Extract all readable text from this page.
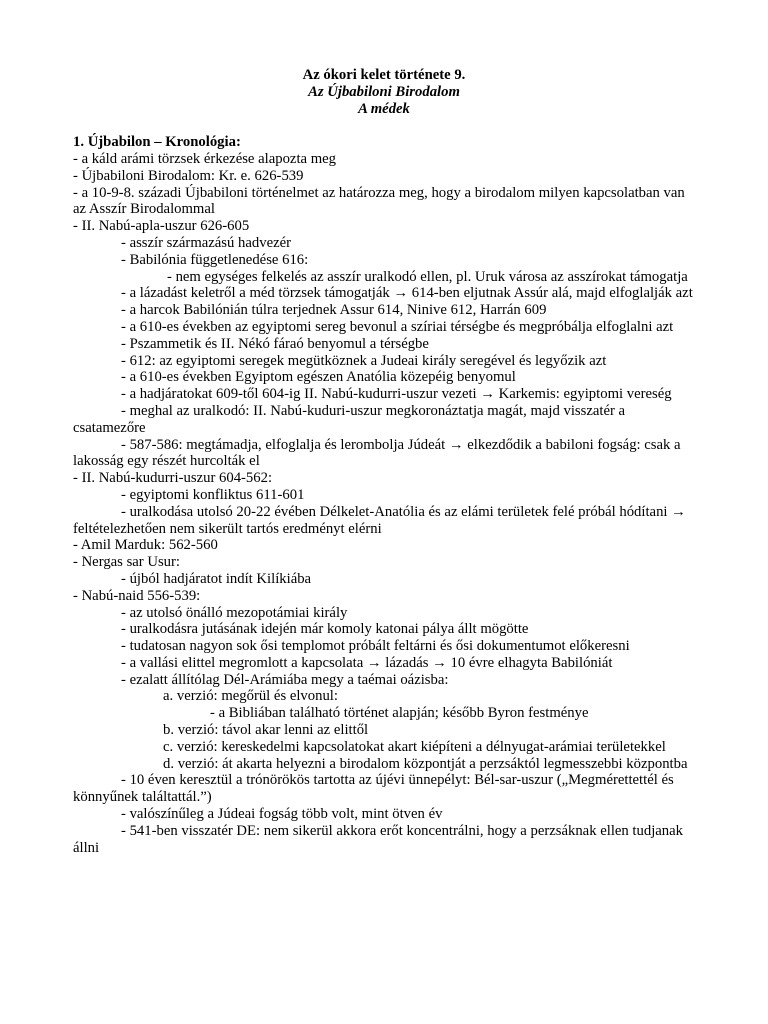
Az ókori kelet története 9.
Az Újbabiloni Birodalom
A médek
1. Újbabilon – Kronológia:
- a káld arámi törzsek érkezése alapozta meg
- Újbabiloni Birodalom: Kr. e. 626-539
- a 10-9-8. századi Újbabiloni történelmet az határozza meg, hogy a birodalom milyen kapcsolatban van az Asszír Birodalommal
- II. Nabú-apla-uszur 626-605
- asszír származású hadvezér
- Babilónia függetlenedése 616:
- nem egységes felkelés az asszír uralkodó ellen, pl. Uruk városa az asszírokat támogatja
- a lázadást keletről a méd törzsek támogatják → 614-ben eljutnak Assúr alá, majd elfoglalják azt
- a harcok Babilónián túlra terjednek Assur 614, Ninive 612, Harrán 609
- a 610-es években az egyiptomi sereg bevonul a szíriai térségbe és megpróbálja elfoglalni azt
- Pszammetik és II. Nékó fáraó benyomul a térségbe
- 612: az egyiptomi seregek megütköznek a Judeai király seregével és legyőzik azt
- a 610-es években Egyiptom egészen Anatólia közepéig benyomul
- a hadjáratokat 609-től 604-ig II. Nabú-kudurri-uszur vezeti → Karkemis: egyiptomi vereség
- meghal az uralkodó: II. Nabú-kuduri-uszur megkoronáztatja magát, majd visszatér a csatamezőre
- 587-586: megtámadja, elfoglalja és lerombolja Júdeát → elkezdődik a babiloni fogság: csak a lakosság egy részét hurcolták el
- II. Nabú-kudurri-uszur 604-562:
- egyiptomi konfliktus 611-601
- uralkodása utolsó 20-22 évében Délkelet-Anatólia és az elámi területek felé próbál hódítani → feltételezhetően nem sikerült tartós eredményt elérni
- Amil Marduk: 562-560
- Nergas sar Usur:
- újból hadjáratot indít Kilíkiába
- Nabú-naid 556-539:
- az utolsó önálló mezopotámiai király
- uralkodásra jutásának idején már komoly katonai pálya állt mögötte
- tudatosan nagyon sok ősi templomot próbált feltárni és ősi dokumentumot előkeresni
- a vallási elittel megromlott a kapcsolata → lázadás → 10 évre elhagyta Babilóniát
- ezalatt állítólag Dél-Arámiába megy a taémai oázisba:
a. verzió: megőrül és elvonul:
- a Bibliában található történet alapján; később Byron festménye
b. verzió: távol akar lenni az elittől
c. verzió: kereskedelmi kapcsolatokat akart kiépíteni a délnyugat-arámiai területekkel
d. verzió: át akarta helyezni a birodalom központját a perzsáktól legmesszebbi központba
- 10 éven keresztül a trónörökös tartotta az újévi ünnepélyt: Bél-sar-uszur („Megmérettettél és könnyűnek találtattál.”)
- valószínűleg a Júdeai fogság több volt, mint ötven év
- 541-ben visszatér DE: nem sikerül akkora erőt koncentrálni, hogy a perzsáknak ellen tudjanak állni
